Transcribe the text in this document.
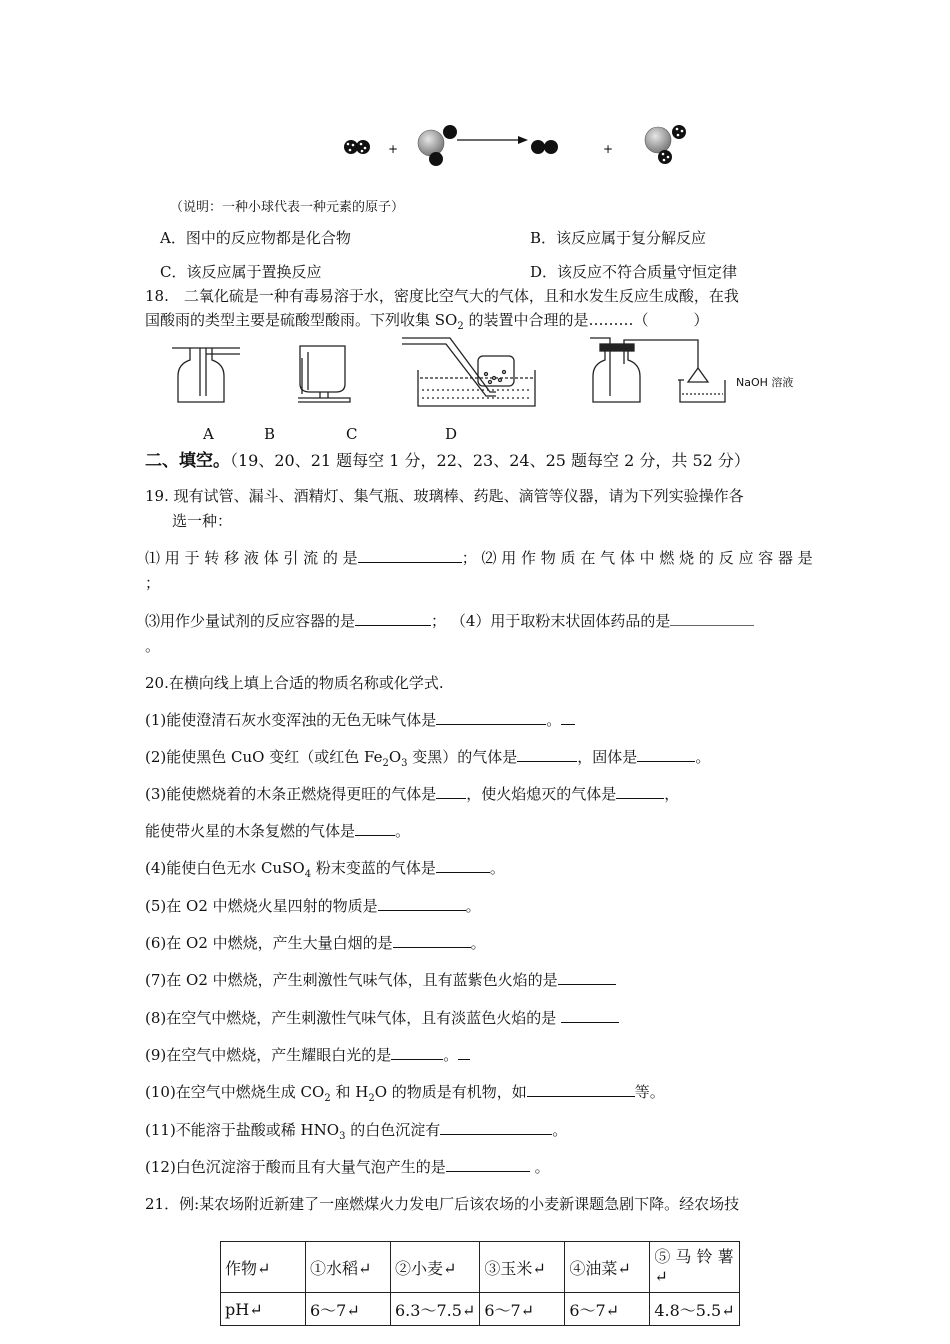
+	+
（说明：一种小球代表一种元素的原子）
A．图中的反应物都是化合物	B．该反应属于复分解反应
C．该反应属于置换反应	D．该反应不符合质量守恒定律
18.　二氧化硫是一种有毒易溶于水，密度比空气大的气体，且和水发生反应生成酸，在我
国酸雨的类型主要是硫酸型酸雨。下列收集 $SO_2$ 的装置中合理的是………（　　　）
NaOH 溶液
A	B	C	D
二、填空。（19、20、21 题每空 1 分，22、23、24、25 题每空 2 分，共 52 分）
19. 现有试管、漏斗、酒精灯、集气瓶、玻璃棒、药匙、滴管等仪器，请为下列实验操作各
选一种：
⑴ 用 于 转 移 液 体 引 流 的 是	； ⑵ 用 作 物 质 在 气 体 中 燃 烧 的 反 应 容 器 是
；
⑶用作少量试剂的反应容器的是	； （4）用于取粉末状固体药品的是
。
20.在横向线上填上合适的物质名称或化学式.
(1)能使澄清石灰水变浑浊的无色无味气体是	。
(2)能使黑色 CuO 变红（或红色 $Fe_2O_3$ 变黑）的气体是	，固体是	。
(3)能使燃烧着的木条正燃烧得更旺的气体是 ，使火焰熄灭的气体是	，
能使带火星的木条复燃的气体是	。
(4)能使白色无水 CuSO$_4$ 粉末变蓝的气体是	。
(5)在 O2 中燃烧火星四射的物质是	。
(6)在 O2 中燃烧，产生大量白烟的是	。
(7)在 O2 中燃烧，产生刺激性气味气体，且有蓝紫色火焰的是
(8)在空气中燃烧，产生刺激性气味气体，且有淡蓝色火焰的是
(9)在空气中燃烧，产生耀眼白光的是	。
(10)在空气中燃烧生成 $CO_2$ 和 $H_2O$ 的物质是有机物，如	等。
(11)不能溶于盐酸或稀 $HNO_3$ 的白色沉淀有	。
(12)白色沉淀溶于酸而且有大量气泡产生的是	。
21．例:某农场附近新建了一座燃煤火力发电厂后该农场的小麦新课题急剧下降。经农场技
作物↵	①水稻↵	②小麦↵	③玉米↵	④油菜↵	⑤ 马 铃 薯↵
pH↵	6～7↵	6.3～7.5↵	6～7↵	6～7↵	4.8～5.5↵
